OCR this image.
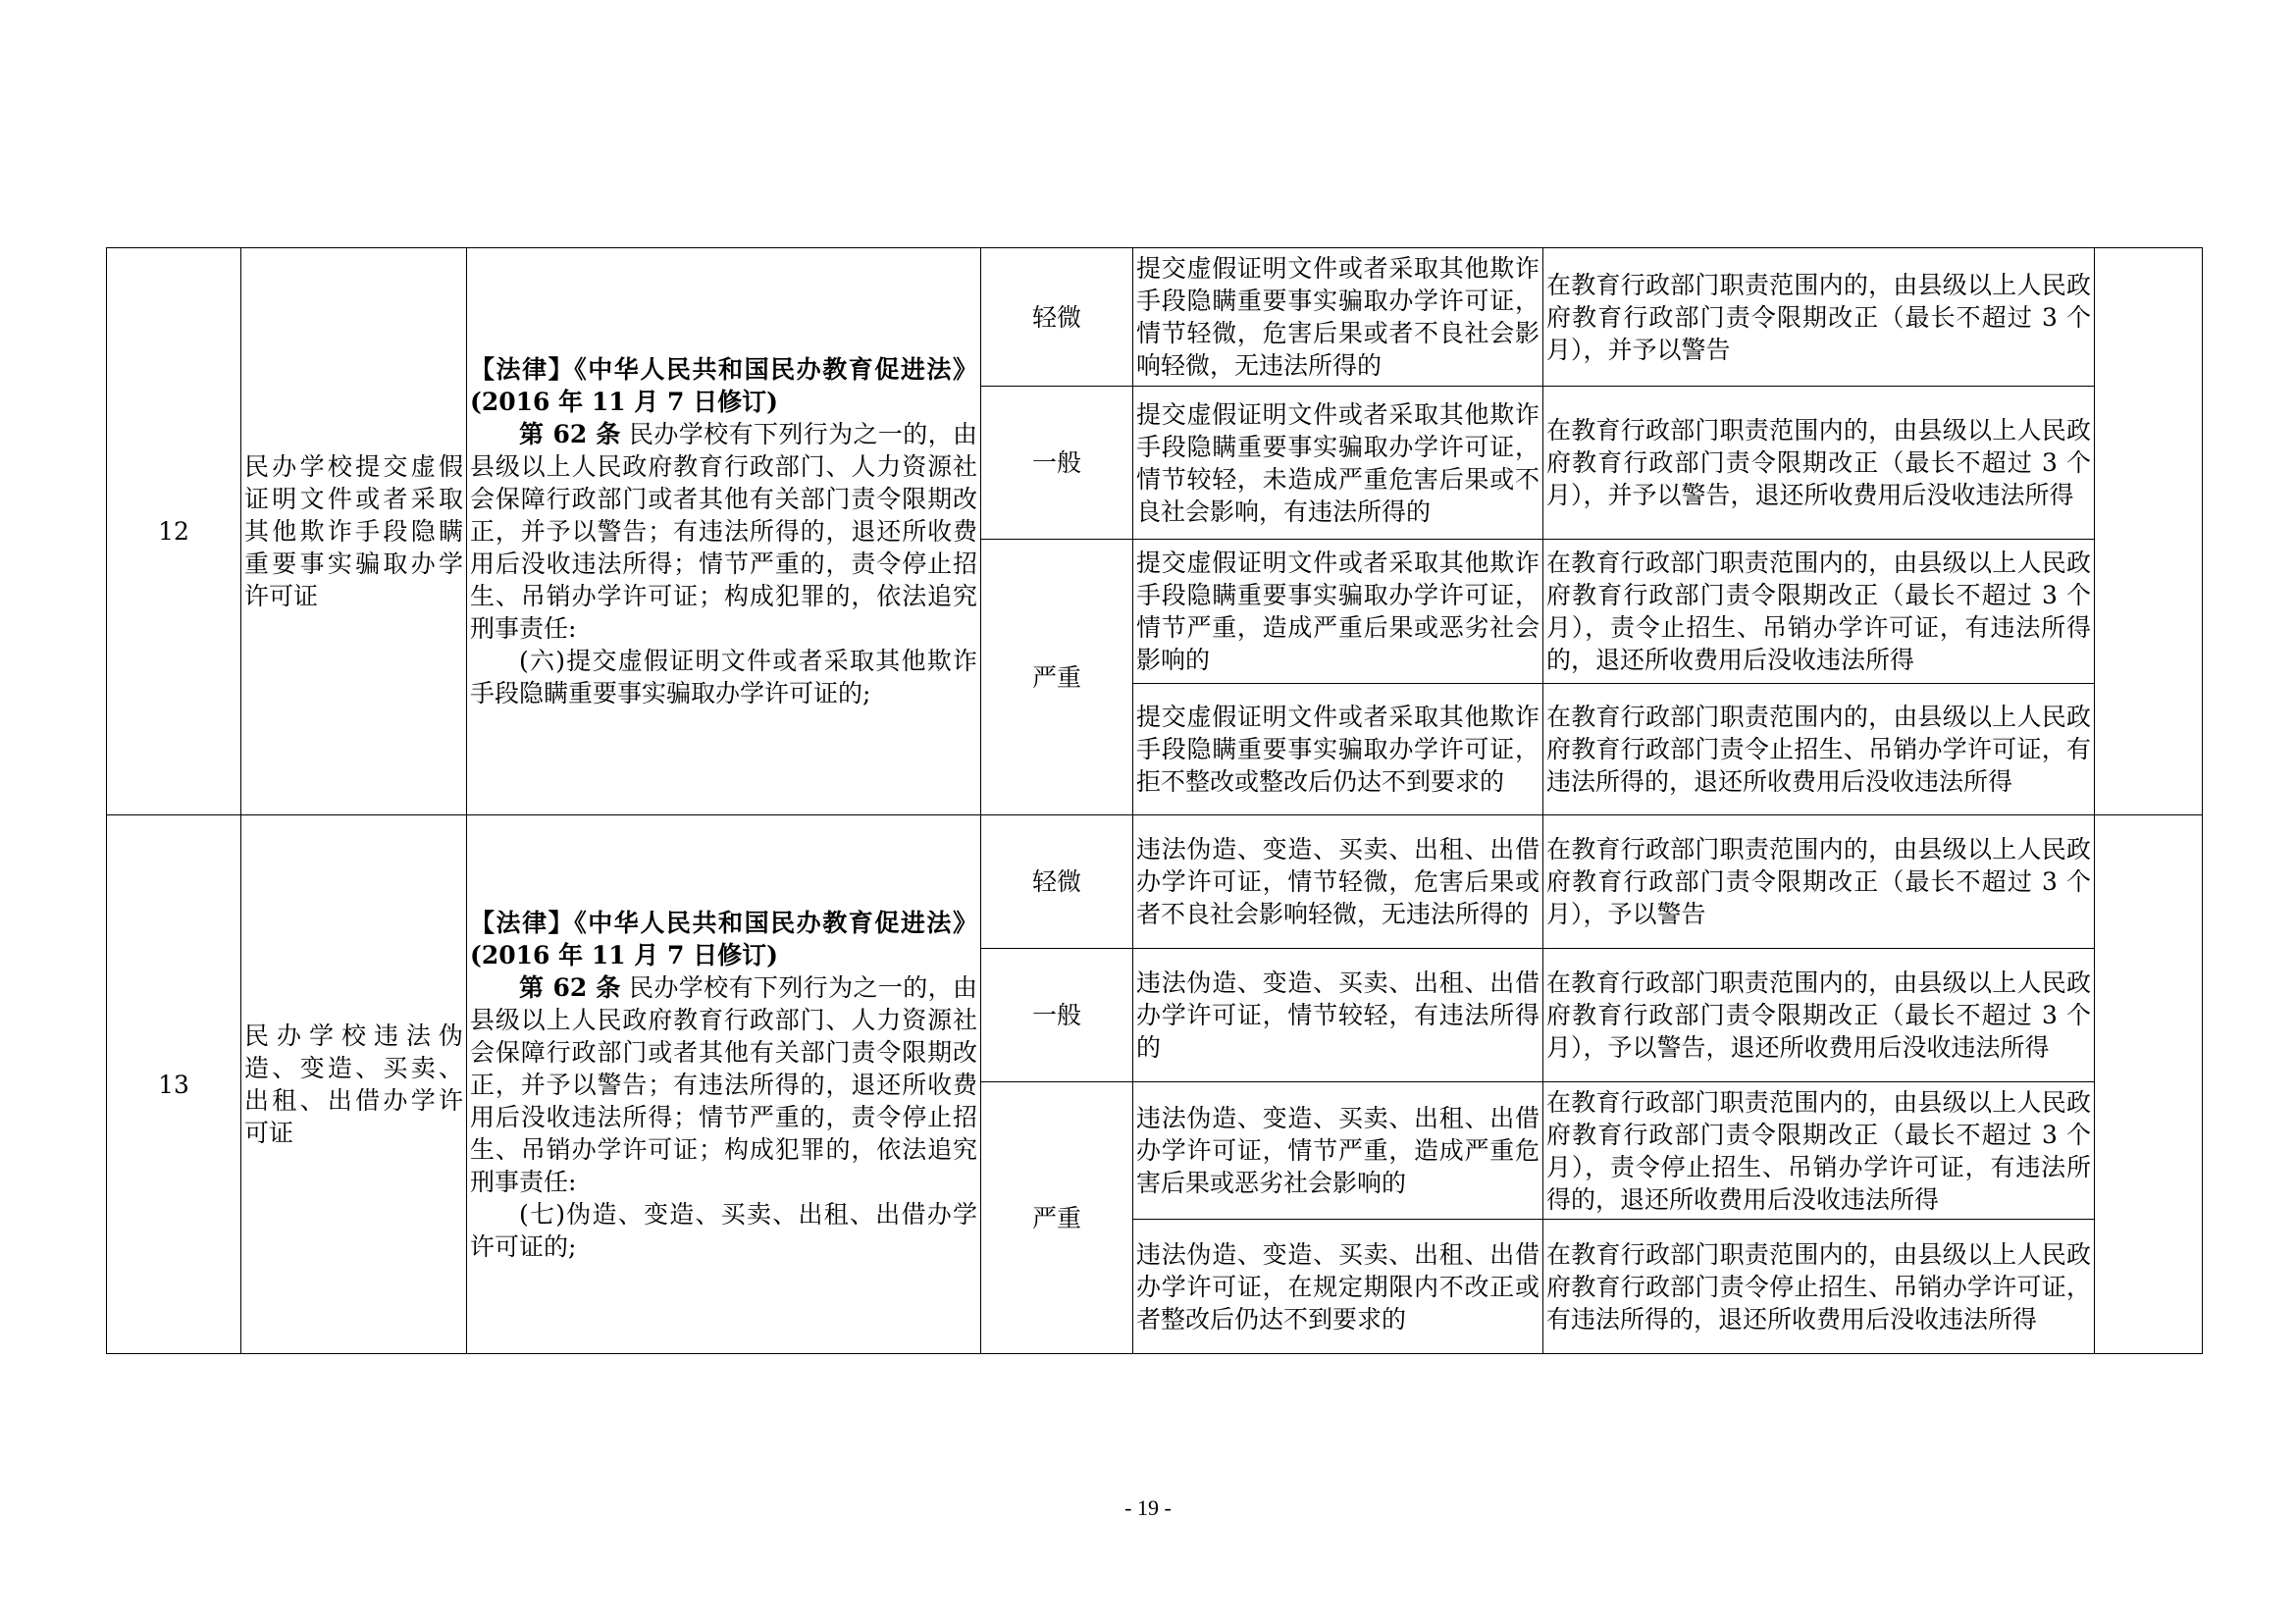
12	民办学校提交虚假证明文件或者采取其他欺诈手段隐瞒重要事实骗取办学许可证	【法律】《中华人民共和国民办教育促进法》(2016 年 11 月 7 日修订)
第 62 条 民办学校有下列行为之一的，由县级以上人民政府教育行政部门、人力资源社会保障行政部门或者其他有关部门责令限期改正，并予以警告；有违法所得的，退还所收费用后没收违法所得；情节严重的，责令停止招生、吊销办学许可证；构成犯罪的，依法追究刑事责任:
(六)提交虚假证明文件或者采取其他欺诈手段隐瞒重要事实骗取办学许可证的;	轻微	提交虚假证明文件或者采取其他欺诈手段隐瞒重要事实骗取办学许可证，情节轻微，危害后果或者不良社会影响轻微，无违法所得的	在教育行政部门职责范围内的，由县级以上人民政府教育行政部门责令限期改正（最长不超过 3 个月），并予以警告	
			一般	提交虚假证明文件或者采取其他欺诈手段隐瞒重要事实骗取办学许可证，情节较轻，未造成严重危害后果或不良社会影响，有违法所得的	在教育行政部门职责范围内的，由县级以上人民政府教育行政部门责令限期改正（最长不超过 3 个月），并予以警告，退还所收费用后没收违法所得	
			严重	提交虚假证明文件或者采取其他欺诈手段隐瞒重要事实骗取办学许可证，情节严重，造成严重后果或恶劣社会影响的	在教育行政部门职责范围内的，由县级以上人民政府教育行政部门责令限期改正（最长不超过 3 个月），责令止招生、吊销办学许可证，有违法所得的，退还所收费用后没收违法所得	
				提交虚假证明文件或者采取其他欺诈手段隐瞒重要事实骗取办学许可证，拒不整改或整改后仍达不到要求的	在教育行政部门职责范围内的，由县级以上人民政府教育行政部门责令止招生、吊销办学许可证，有违法所得的，退还所收费用后没收违法所得	
13	民办学校违法伪造、变造、买卖、出租、出借办学许可证	【法律】《中华人民共和国民办教育促进法》(2016 年 11 月 7 日修订)
第 62 条 民办学校有下列行为之一的，由县级以上人民政府教育行政部门、人力资源社会保障行政部门或者其他有关部门责令限期改正，并予以警告；有违法所得的，退还所收费用后没收违法所得；情节严重的，责令停止招生、吊销办学许可证；构成犯罪的，依法追究刑事责任:
(七)伪造、变造、买卖、出租、出借办学许可证的;	轻微	违法伪造、变造、买卖、出租、出借办学许可证，情节轻微，危害后果或者不良社会影响轻微，无违法所得的	在教育行政部门职责范围内的，由县级以上人民政府教育行政部门责令限期改正（最长不超过 3 个月），予以警告	
			一般	违法伪造、变造、买卖、出租、出借办学许可证，情节较轻，有违法所得的	在教育行政部门职责范围内的，由县级以上人民政府教育行政部门责令限期改正（最长不超过 3 个月），予以警告，退还所收费用后没收违法所得	
			严重	违法伪造、变造、买卖、出租、出借办学许可证，情节严重，造成严重危害后果或恶劣社会影响的	在教育行政部门职责范围内的，由县级以上人民政府教育行政部门责令限期改正（最长不超过 3 个月），责令停止招生、吊销办学许可证，有违法所得的，退还所收费用后没收违法所得	
				违法伪造、变造、买卖、出租、出借办学许可证，在规定期限内不改正或者整改后仍达不到要求的	在教育行政部门职责范围内的，由县级以上人民政府教育行政部门责令停止招生、吊销办学许可证，有违法所得的，退还所收费用后没收违法所得	
- 19 -
